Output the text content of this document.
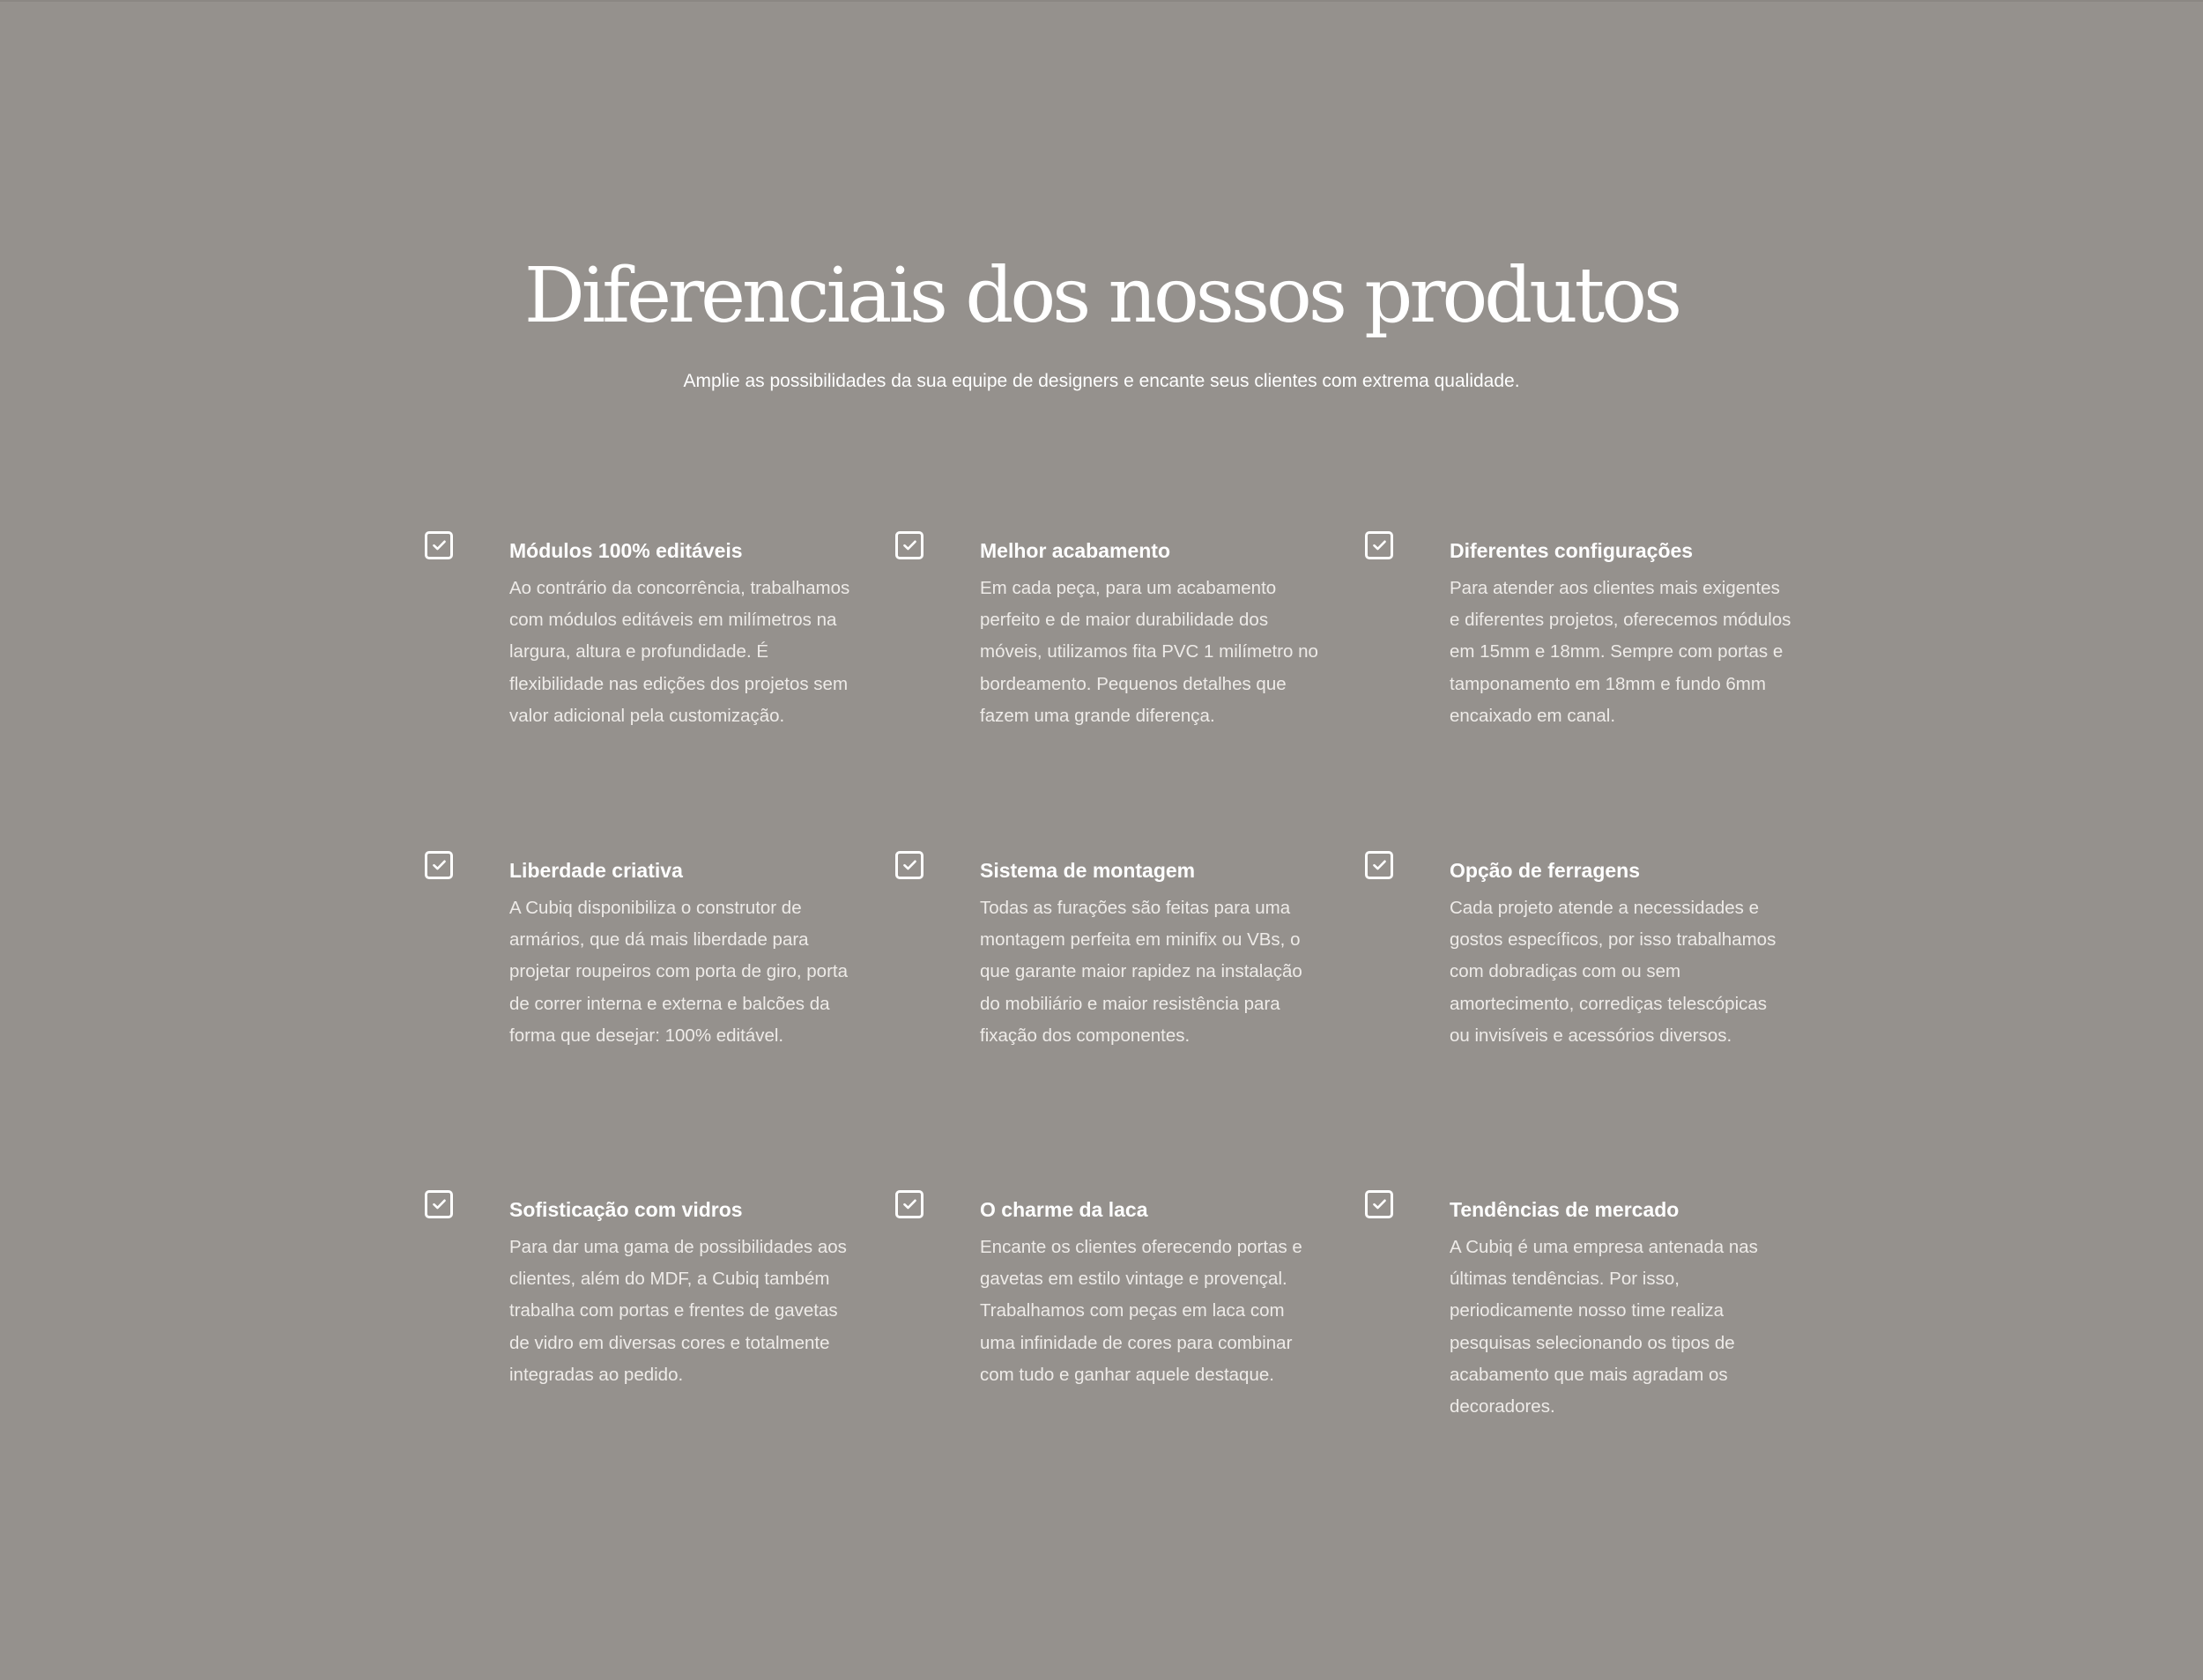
Diferenciais dos nossos produtos
Amplie as possibilidades da sua equipe de designers e encante seus clientes com extrema qualidade.
Módulos 100% editáveis
Ao contrário da concorrência, trabalhamos com módulos editáveis em milímetros na largura, altura e profundidade. É flexibilidade nas edições dos projetos sem valor adicional pela customização.
Melhor acabamento
Em cada peça, para um acabamento perfeito e de maior durabilidade dos móveis, utilizamos fita PVC 1 milímetro no bordeamento. Pequenos detalhes que fazem uma grande diferença.
Diferentes configurações
Para atender aos clientes mais exigentes e diferentes projetos, oferecemos módulos em 15mm e 18mm. Sempre com portas e tamponamento em 18mm e fundo 6mm encaixado em canal.
Liberdade criativa
A Cubiq disponibiliza o construtor de armários, que dá mais liberdade para projetar roupeiros com porta de giro, porta de correr interna e externa e balcões da forma que desejar: 100% editável.
Sistema de montagem
Todas as furações são feitas para uma montagem perfeita em minifix ou VBs, o que garante maior rapidez na instalação do mobiliário e maior resistência para fixação dos componentes.
Opção de ferragens
Cada projeto atende a necessidades e gostos específicos, por isso trabalhamos com dobradiças com ou sem amortecimento, corrediças telescópicas ou invisíveis e acessórios diversos.
Sofisticação com vidros
Para dar uma gama de possibilidades aos clientes, além do MDF, a Cubiq também trabalha com portas e frentes de gavetas de vidro em diversas cores e totalmente integradas ao pedido.
O charme da laca
Encante os clientes oferecendo portas e gavetas em estilo vintage e provençal. Trabalhamos com peças em laca com uma infinidade de cores para combinar com tudo e ganhar aquele destaque.
Tendências de mercado
A Cubiq é uma empresa antenada nas últimas tendências. Por isso, periodicamente nosso time realiza pesquisas selecionando os tipos de acabamento que mais agradam os decoradores.
